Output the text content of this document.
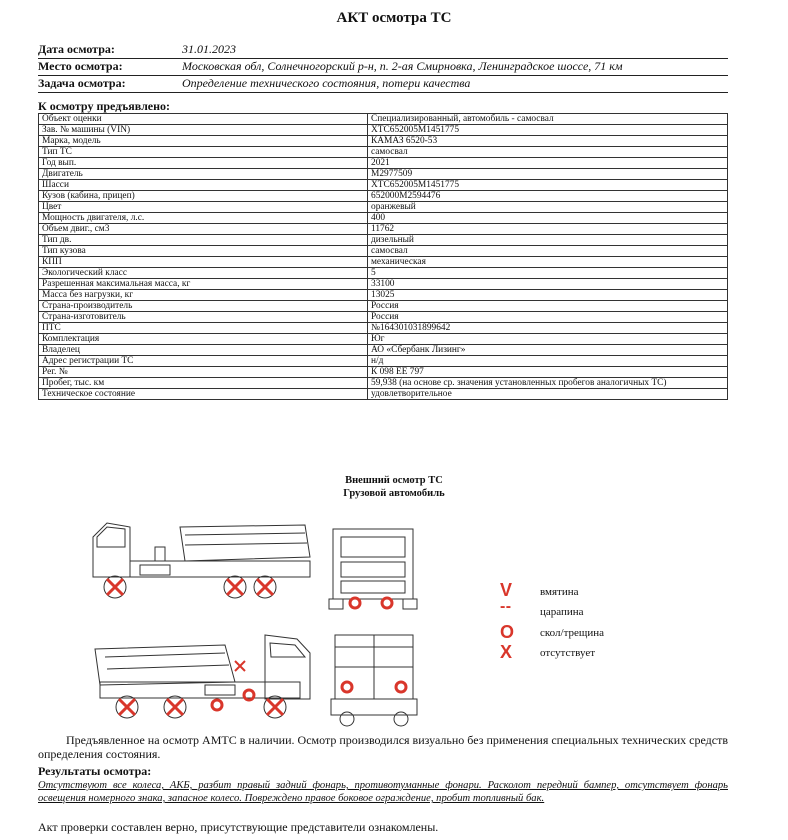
АКТ осмотра ТС
Дата осмотра:	31.01.2023
Место осмотра:	Московская обл, Солнечногорский р-н, п. 2-ая Смирновка, Ленинградское шоссе, 71 км
Задача осмотра:	Определение технического состояния, потери качества
К осмотру предъявлено:
Объект оценки	Специализированный, автомобиль - самосвал
Зав. № машины (VIN)	XTC652005M1451775
Марка, модель	КАМАЗ 6520-53
Тип ТС	самосвал
Год вып.	2021
Двигатель	M2977509
Шасси	XTC652005M1451775
Кузов (кабина, прицеп)	652000M2594476
Цвет	оранжевый
Мощность двигателя, л.с.	400
Объем двиг., см3	11762
Тип дв.	дизельный
Тип кузова	самосвал
КПП	механическая
Экологический класс	5
Разрешенная максимальная масса, кг	33100
Масса без нагрузки, кг	13025
Страна-производитель	Россия
Страна-изготовитель	Россия
ПТС	№164301031899642
Комплектация	Юг
Владелец	АО «Сбербанк Лизинг»
Адрес регистрации ТС	н/д
Рег. №	К 098 ЕЕ 797
Пробег, тыс. км	59,938 (на основе ср. значения установленных пробегов аналогичных ТС)
Техническое состояние	удовлетворительное
Внешний осмотр ТС
Грузовой автомобиль
V	вмятина
- -	царапина
O скол/трещина
X	отсутствует
Предъявленное на осмотр АМТС в наличии. Осмотр производился визуально без применения специальных технических средств определения состояния.
Результаты осмотра:
Отсутствуют все колеса, АКБ, разбит правый задний фонарь, противотуманные фонари. Расколот передний бампер, отсутствует фонарь освещения номерного знака, запасное колесо. Повреждено правое боковое ограждение, пробит топливный бак.
Акт проверки составлен верно, присутствующие представители ознакомлены.
